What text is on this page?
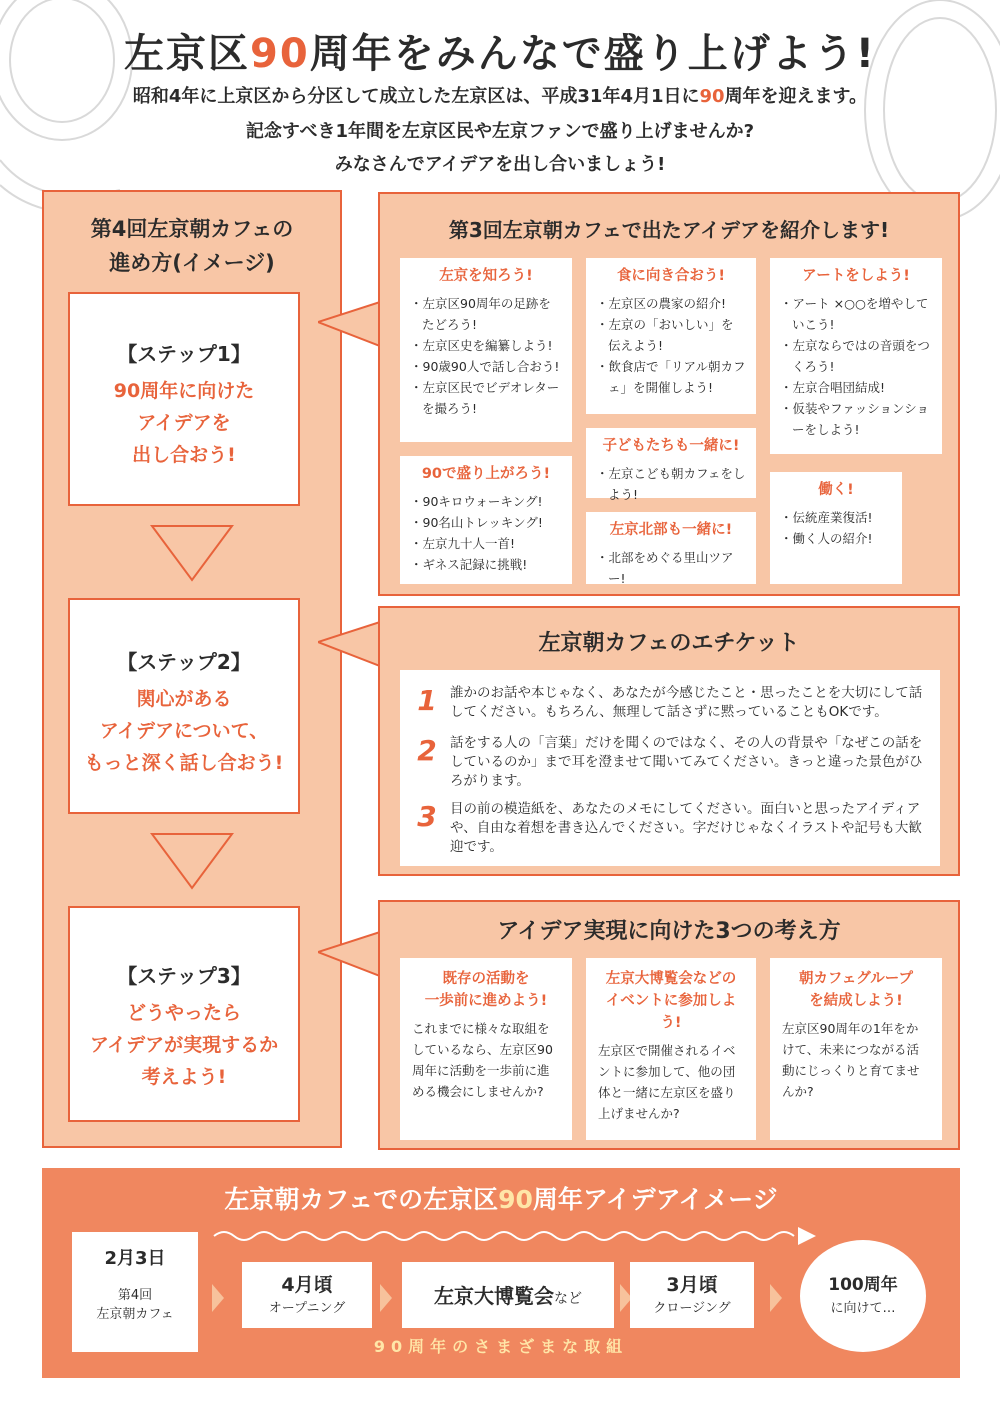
左京区90周年をみんなで盛り上げよう!
昭和4年に上京区から分区して成立した左京区は、平成31年4月1日に90周年を迎えます。
記念すべき1年間を左京区民や左京ファンで盛り上げませんか?
みなさんでアイデアを出し合いましょう!
第4回左京朝カフェの
進め方(イメージ)
【ステップ1】
90周年に向けた
アイデアを
出し合おう!
【ステップ2】
関心がある
アイデアについて、
もっと深く話し合おう!
【ステップ3】
どうやったら
アイデアが実現するか
考えよう!
第3回左京朝カフェで出たアイデアを紹介します!
左京を知ろう!
・ 左京区90周年の足跡をたどろう!
・ 左京区史を編纂しよう!
・ 90歳90人で話し合おう!
・ 左京区民でビデオレターを撮ろう!
食に向き合おう!
・ 左京区の農家の紹介!
・ 左京の「おいしい」を伝えよう!
・ 飲食店で「リアル朝カフェ」を開催しよう!
アートをしよう!
・ アート ×○○を増やしていこう!
・ 左京ならではの音頭をつくろう!
・ 左京合唱団結成!
・ 仮装やファッションショーをしよう!
子どもたちも一緒に!
・ 左京こども朝カフェをしよう!
90で盛り上がろう!
・ 90キロウォーキング!
・ 90名山トレッキング!
・ 左京九十人一首!
・ ギネス記録に挑戦!
左京北部も一緒に!
・ 北部をめぐる里山ツアー!
働く!
・ 伝統産業復活!
・ 働く人の紹介!
左京朝カフェのエチケット
1 誰かのお話や本じゃなく、あなたが今感じたこと・思ったことを大切にして話してください。もちろん、無理して話さずに黙っていることもOKです。
2 話をする人の「言葉」だけを聞くのではなく、その人の背景や「なぜこの話をしているのか」まで耳を澄ませて聞いてみてください。きっと違った景色がひろがります。
3 目の前の模造紙を、あなたのメモにしてください。面白いと思ったアイディアや、自由な着想を書き込んでください。字だけじゃなくイラストや記号も大歓迎です。
アイデア実現に向けた3つの考え方
既存の活動を
一歩前に進めよう!
これまでに様々な取組をしているなら、左京区90周年に活動を一歩前に進める機会にしませんか?
左京大博覧会などの
イベントに参加しよう!
左京区で開催されるイベントに参加して、他の団体と一緒に左京区を盛り上げませんか?
朝カフェグループ
を結成しよう!
左京区90周年の1年をかけて、未来につながる活動にじっくりと育てませんか?
左京朝カフェでの左京区90周年アイデアイメージ
2月3日
第4回
左京朝カフェ
4月頃
オープニング
左京大博覧会など
3月頃
クロージング
100周年
に向けて…
90周年のさまざまな取組
